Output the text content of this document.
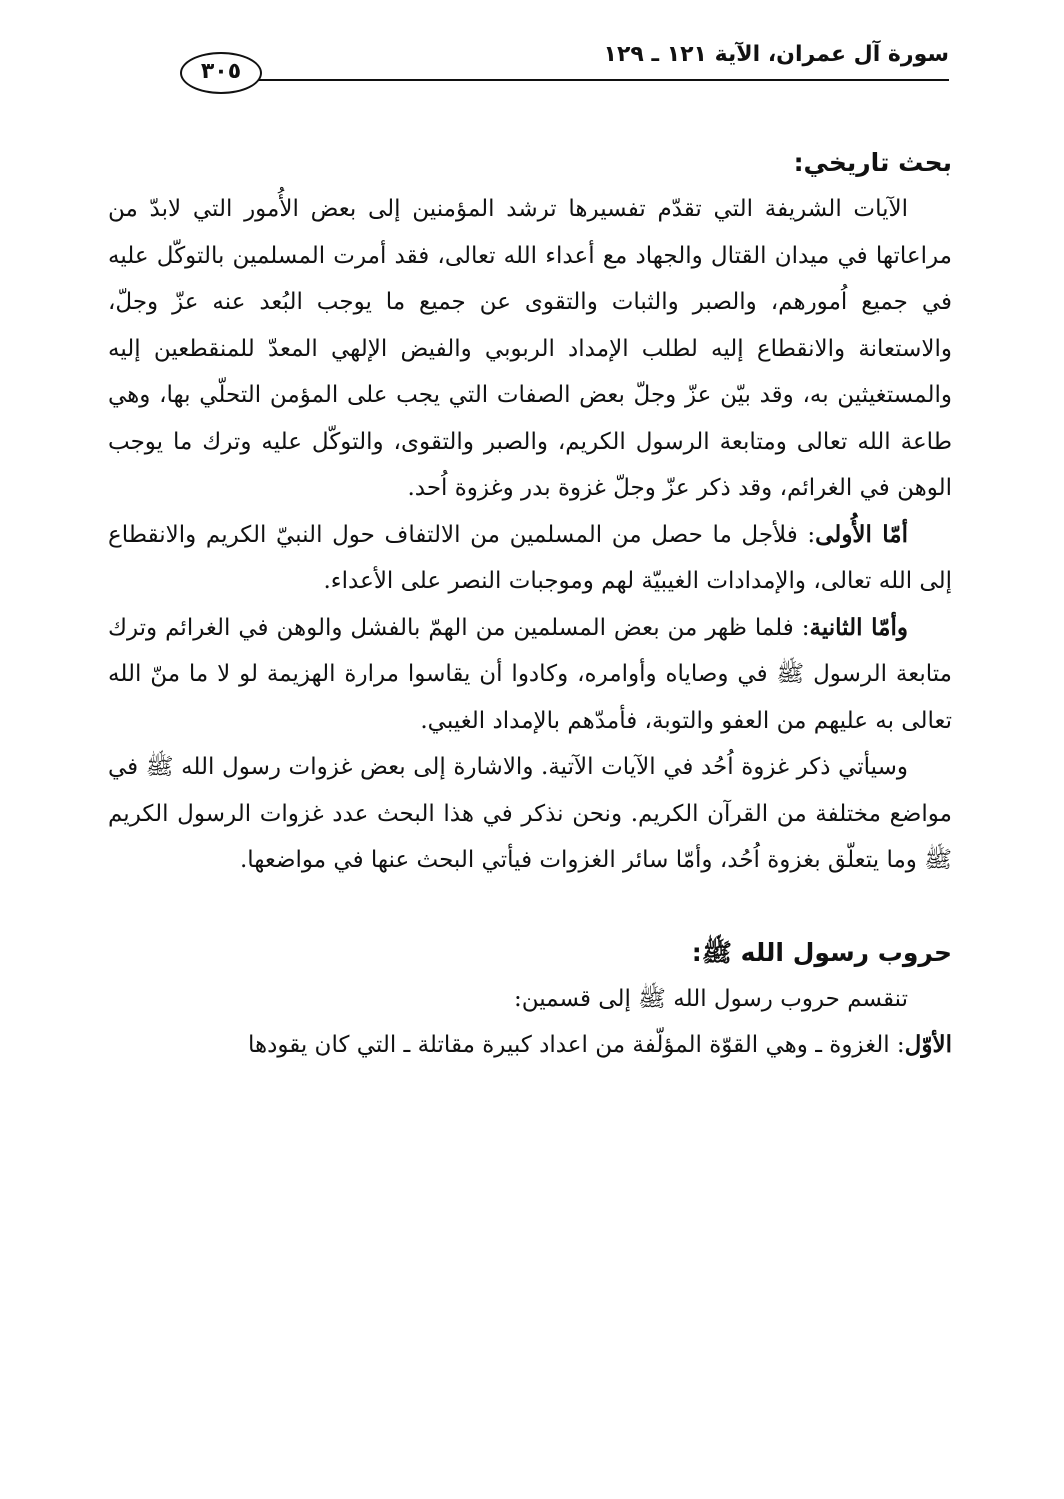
سورة آل عمران، الآية ١٢١ ـ ١٢٩
٣٠٥
بحث تاريخي:

الآيات الشريفة التي تقدّم تفسيرها ترشد المؤمنين إلى بعض الأُمور التي لابدّ من مراعاتها في ميدان القتال والجهاد مع أعداء الله تعالى، فقد أمرت المسلمين بالتوكّل عليه في جميع اُمورهم، والصبر والثبات والتقوى عن جميع ما يوجب البُعد عنه عزّ وجلّ، والاستعانة والانقطاع إليه لطلب الإمداد الربوبي والفيض الإلهي المعدّ للمنقطعين إليه والمستغيثين به، وقد بيّن عزّ وجلّ بعض الصفات التي يجب على المؤمن التحلّي بها، وهي طاعة الله تعالى ومتابعة الرسول الكريم، والصبر والتقوى، والتوكّل عليه وترك ما يوجب الوهن في الغرائم، وقد ذكر عزّ وجلّ غزوة بدر وغزوة اُحد.

أمّا الأُولى: فلأجل ما حصل من المسلمين من الالتفاف حول النبيّ الكريم والانقطاع إلى الله تعالى، والإمدادات الغيبيّة لهم وموجبات النصر على الأعداء.

وأمّا الثانية: فلما ظهر من بعض المسلمين من الهمّ بالفشل والوهن في الغرائم وترك متابعة الرسول ﷺ في وصاياه وأوامره، وكادوا أن يقاسوا مرارة الهزيمة لو لا ما منّ الله تعالى به عليهم من العفو والتوبة، فأمدّهم بالإمداد الغيبي.

وسيأتي ذكر غزوة اُحُد في الآيات الآتية. والاشارة إلى بعض غزوات رسول الله ﷺ في مواضع مختلفة من القرآن الكريم. ونحن نذكر في هذا البحث عدد غزوات الرسول الكريم ﷺ وما يتعلّق بغزوة اُحُد، وأمّا سائر الغزوات فيأتي البحث عنها في مواضعها.

حروب رسول الله ﷺ:

تنقسم حروب رسول الله ﷺ إلى قسمين:

الأوّل: الغزوة ـ وهي القوّة المؤلّفة من اعداد كبيرة مقاتلة ـ التي كان يقودها
